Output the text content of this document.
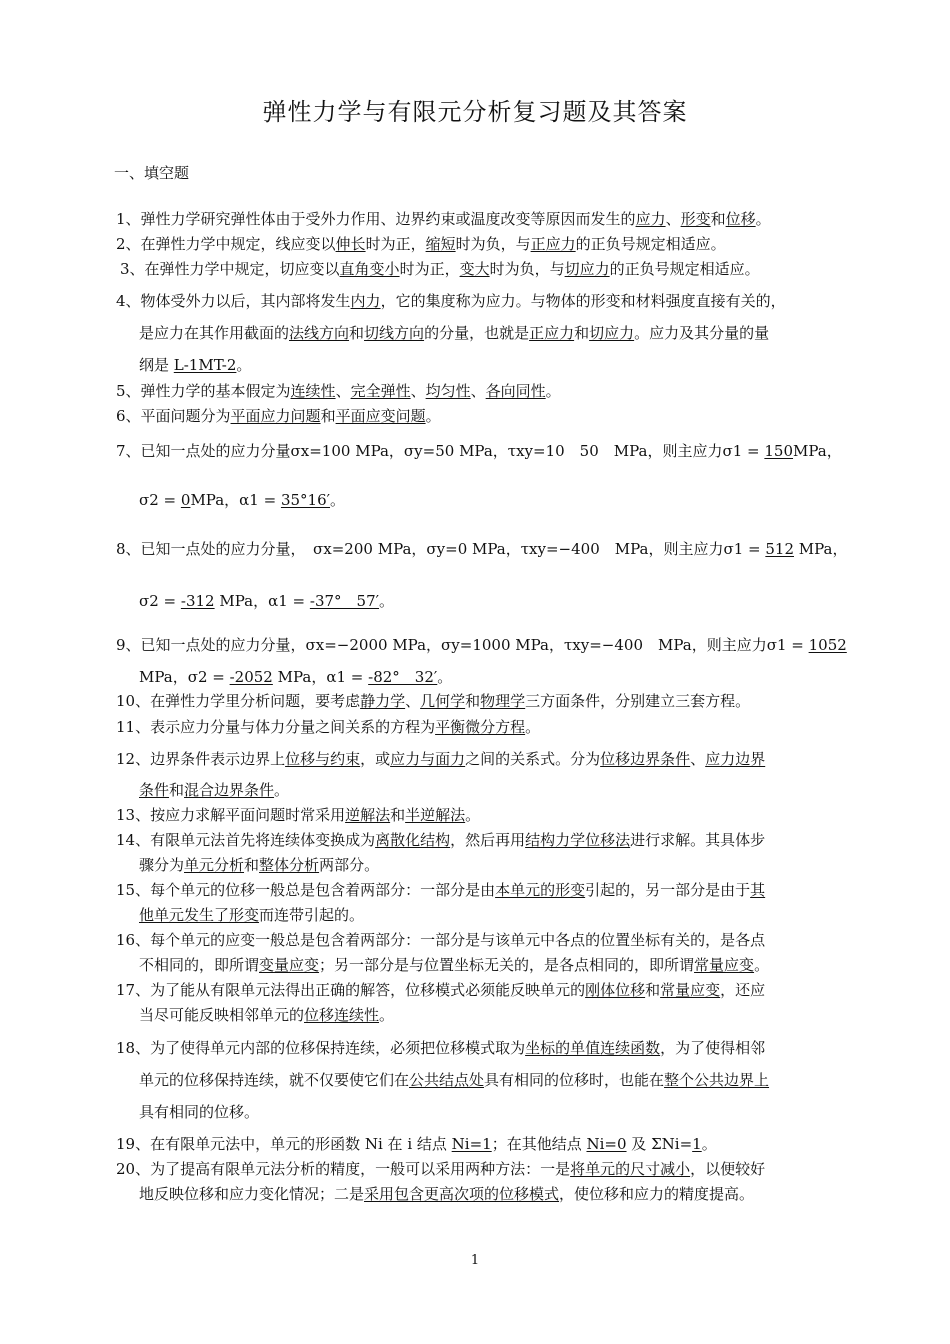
弹性力学与有限元分析复习题及其答案
一、填空题
1、弹性力学研究弹性体由于受外力作用、边界约束或温度改变等原因而发生的应力、形变和位移。
2、在弹性力学中规定，线应变以伸长时为正，缩短时为负，与正应力的正负号规定相适应。
3、在弹性力学中规定，切应变以直角变小时为正，变大时为负，与切应力的正负号规定相适应。
4、物体受外力以后，其内部将发生内力，它的集度称为应力。与物体的形变和材料强度直接有关的，
是应力在其作用截面的法线方向和切线方向的分量，也就是正应力和切应力。应力及其分量的量
纲是 L-1MT-2。
5、弹性力学的基本假定为连续性、完全弹性、均匀性、各向同性。
6、平面问题分为平面应力问题和平面应变问题。
7、已知一点处的应力分量σx=100 MPa，σy=50 MPa，τxy=10　50　MPa，则主应力σ1 = 150MPa，
σ2 = 0MPa，α1 = 35°16′。
8、已知一点处的应力分量，　σx=200 MPa，σy=0 MPa，τxy=−400　MPa，则主应力σ1 = 512 MPa，
σ2 = -312 MPa，α1 = -37°　57′。
9、已知一点处的应力分量，σx=−2000 MPa，σy=1000 MPa，τxy=−400　MPa，则主应力σ1 = 1052
MPa，σ2 = -2052 MPa，α1 = -82°　32′。
10、在弹性力学里分析问题，要考虑静力学、几何学和物理学三方面条件，分别建立三套方程。
11、表示应力分量与体力分量之间关系的方程为平衡微分方程。
12、边界条件表示边界上位移与约束，或应力与面力之间的关系式。分为位移边界条件、应力边界
条件和混合边界条件。
13、按应力求解平面问题时常采用逆解法和半逆解法。
14、有限单元法首先将连续体变换成为离散化结构，然后再用结构力学位移法进行求解。其具体步
骤分为单元分析和整体分析两部分。
15、每个单元的位移一般总是包含着两部分：一部分是由本单元的形变引起的，另一部分是由于其
他单元发生了形变而连带引起的。
16、每个单元的应变一般总是包含着两部分：一部分是与该单元中各点的位置坐标有关的，是各点
不相同的，即所谓变量应变；另一部分是与位置坐标无关的，是各点相同的，即所谓常量应变。
17、为了能从有限单元法得出正确的解答，位移模式必须能反映单元的刚体位移和常量应变，还应
当尽可能反映相邻单元的位移连续性。
18、为了使得单元内部的位移保持连续，必须把位移模式取为坐标的单值连续函数，为了使得相邻
单元的位移保持连续，就不仅要使它们在公共结点处具有相同的位移时，也能在整个公共边界上
具有相同的位移。
19、在有限单元法中，单元的形函数 Ni 在 i 结点 Ni=1；在其他结点 Ni=0 及 ΣNi=1。
20、为了提高有限单元法分析的精度，一般可以采用两种方法：一是将单元的尺寸减小，以便较好
地反映位移和应力变化情况；二是采用包含更高次项的位移模式，使位移和应力的精度提高。
1
